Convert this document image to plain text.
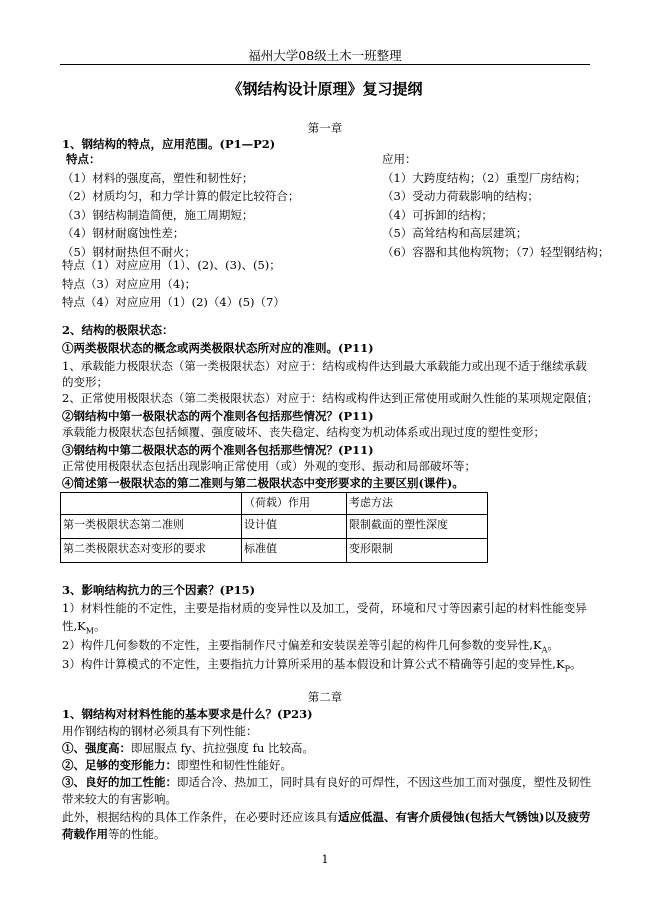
福州大学08级土木一班整理
《钢结构设计原理》复习提纲
第一章
1、钢结构的特点，应用范围。(P1—P2)
特点：
（1）材料的强度高，塑性和韧性好；
（2）材质均匀，和力学计算的假定比较符合；
（3）钢结构制造简便，施工周期短；
（4）钢材耐腐蚀性差；
（5）钢材耐热但不耐火；
应用：
（1）大跨度结构；（2）重型厂房结构；
（3）受动力荷载影响的结构；
（4）可拆卸的结构；
（5）高耸结构和高层建筑；
（6）容器和其他构筑物；（7）轻型钢结构；
特点（1）对应应用（1）、(2)、(3)、(5)；
特点（3）对应应用（4)；
特点（4）对应应用（1）(2)（4）(5)（7）
2、结构的极限状态：
①两类极限状态的概念或两类极限状态所对应的准则。(P11)
1、承载能力极限状态（第一类极限状态）对应于：结构或构件达到最大承载能力或出现不适于继续承载
的变形；
2、正常使用极限状态（第二类极限状态）对应于：结构或构件达到正常使用或耐久性能的某项规定限值；
②钢结构中第一极限状态的两个准则各包括那些情况？(P11)
承载能力极限状态包括倾覆、强度破坏、丧失稳定、结构变为机动体系或出现过度的塑性变形；
③钢结构中第二极限状态的两个准则各包括那些情况？(P11)
正常使用极限状态包括出现影响正常使用（或）外观的变形、振动和局部破坏等；
④简述第一极限状态的第二准则与第二极限状态中变形要求的主要区别(课件)。
	（荷载）作用	考虑方法
第一类极限状态第二准则	设计值	限制截面的塑性深度
第二类极限状态对变形的要求	标准值	变形限制
3、影响结构抗力的三个因素？(P15)
1）材料性能的不定性，主要是指材质的变异性以及加工，受荷，环境和尺寸等因素引起的材料性能变异
性$,K_M$。
2）构件几何参数的不定性，主要指制作尺寸偏差和安装误差等引起的构件几何参数的变异性$,K_A$。
3）构件计算模式的不定性，主要指抗力计算所采用的基本假设和计算公式不精确等引起的变异性$,K_P$。
第二章
1、钢结构对材料性能的基本要求是什么？(P23)
用作钢结构的钢材必须具有下列性能：
①、强度高：即屈服点 fy、抗拉强度 fu 比较高。
②、足够的变形能力：即塑性和韧性性能好。
③、良好的加工性能：即适合冷、热加工，同时具有良好的可焊性，不因这些加工而对强度，塑性及韧性
带来较大的有害影响。
此外，根据结构的具体工作条件，在必要时还应该具有适应低温、有害介质侵蚀(包括大气锈蚀)以及疲劳
荷载作用等的性能。
1
